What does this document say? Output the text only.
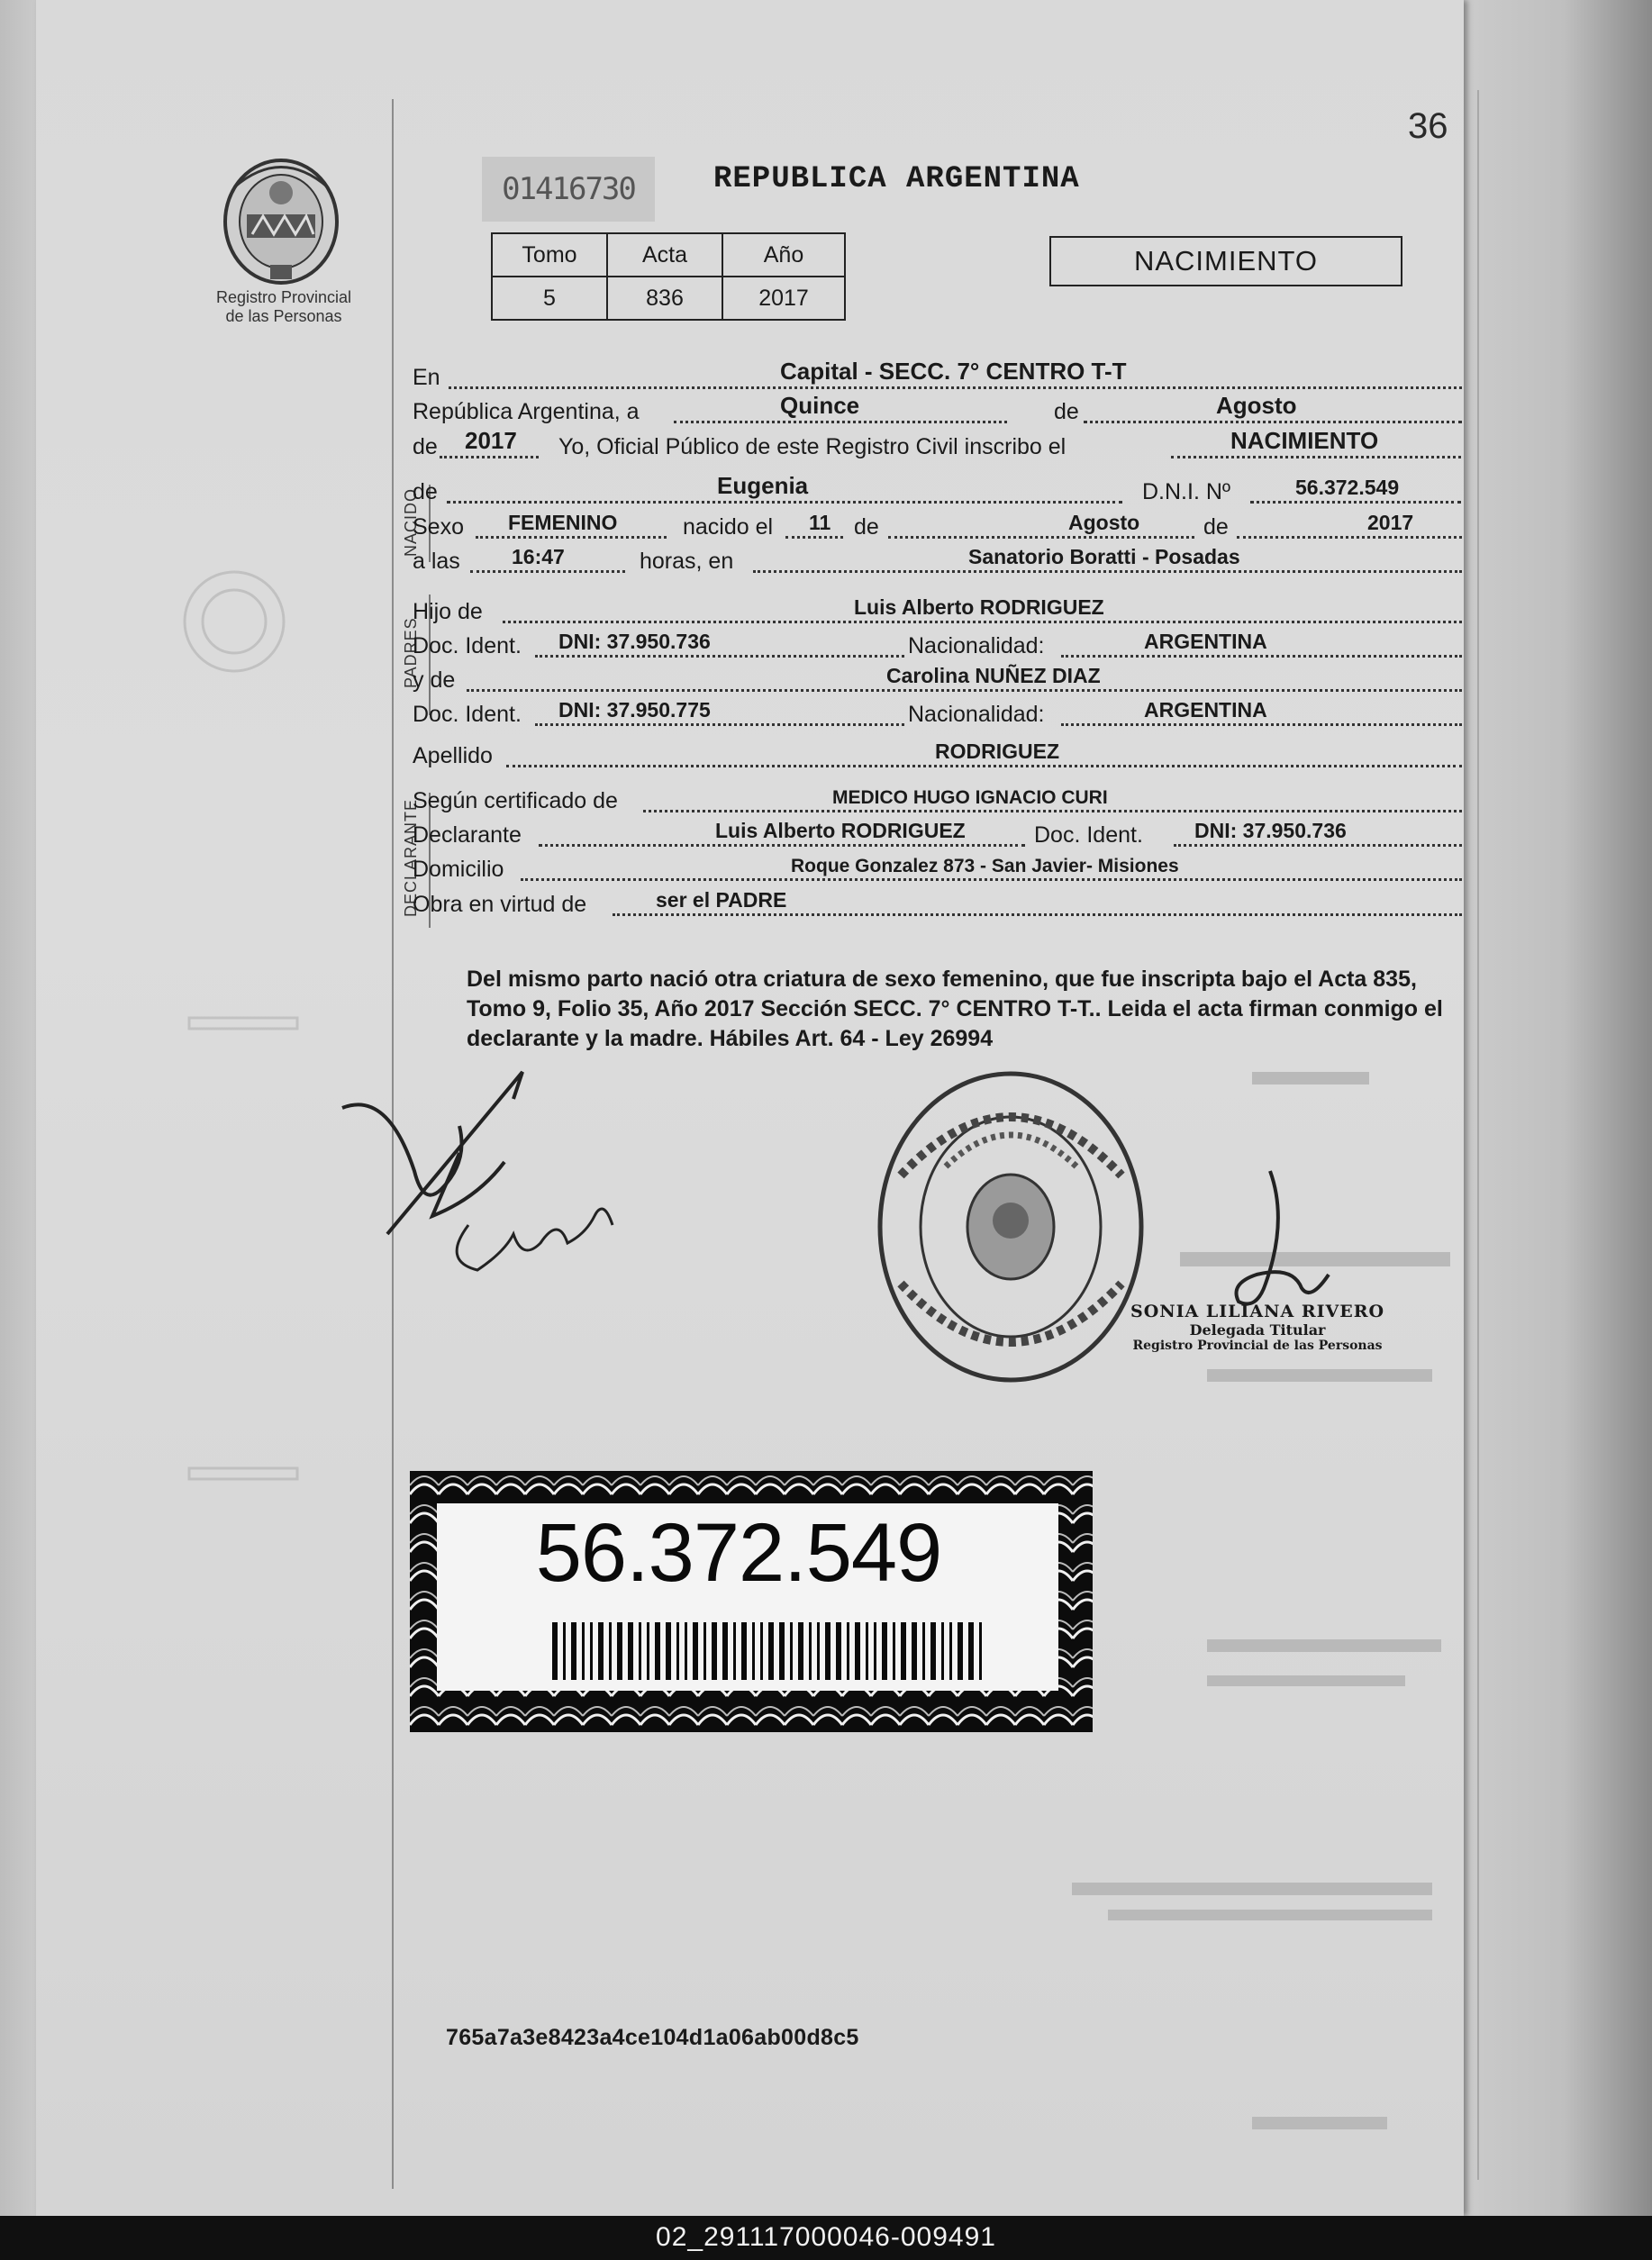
36
01416730	REPUBLICA ARGENTINA
Registro Provincial
de las Personas
Tomo	Acta	Año
5	836	2017
NACIMIENTO
NACIDO
PADRES
DECLARANTE
En	Capital - SECC. 7° CENTRO T-T
República Argentina, a	Quince	de	Agosto
de 2017 Yo, Oficial Público de este Registro Civil inscribo el	NACIMIENTO
de	Eugenia	D.N.I. Nº	56.372.549
Sexo FEMENINO	nacido el 11 de	Agosto	de	2017
a las 16:47	horas, en	Sanatorio Boratti - Posadas
Hijo de	Luis Alberto RODRIGUEZ
Doc. Ident. DNI: 37.950.736	Nacionalidad:	ARGENTINA
y de	Carolina NUÑEZ DIAZ
Doc. Ident. DNI: 37.950.775	Nacionalidad:	ARGENTINA
Apellido	RODRIGUEZ
Según certificado de	MEDICO HUGO IGNACIO CURI
Declarante	Luis Alberto RODRIGUEZ	Doc. Ident. DNI: 37.950.736
Domicilio	Roque Gonzalez 873 - San Javier- Misiones
Obra en virtud de	ser el PADRE
Del mismo parto nació otra criatura de sexo femenino, que fue inscripta bajo el Acta 835, Tomo 9, Folio 35, Año 2017 Sección SECC. 7° CENTRO T-T.. Leida el acta firman conmigo el declarante y la madre. Hábiles Art. 64 - Ley 26994
SONIA LILIANA RIVERO
Delegada Titular
Registro Provincial de las Personas
56.372.549
765a7a3e8423a4ce104d1a06ab00d8c5
02_291117000046-009491
